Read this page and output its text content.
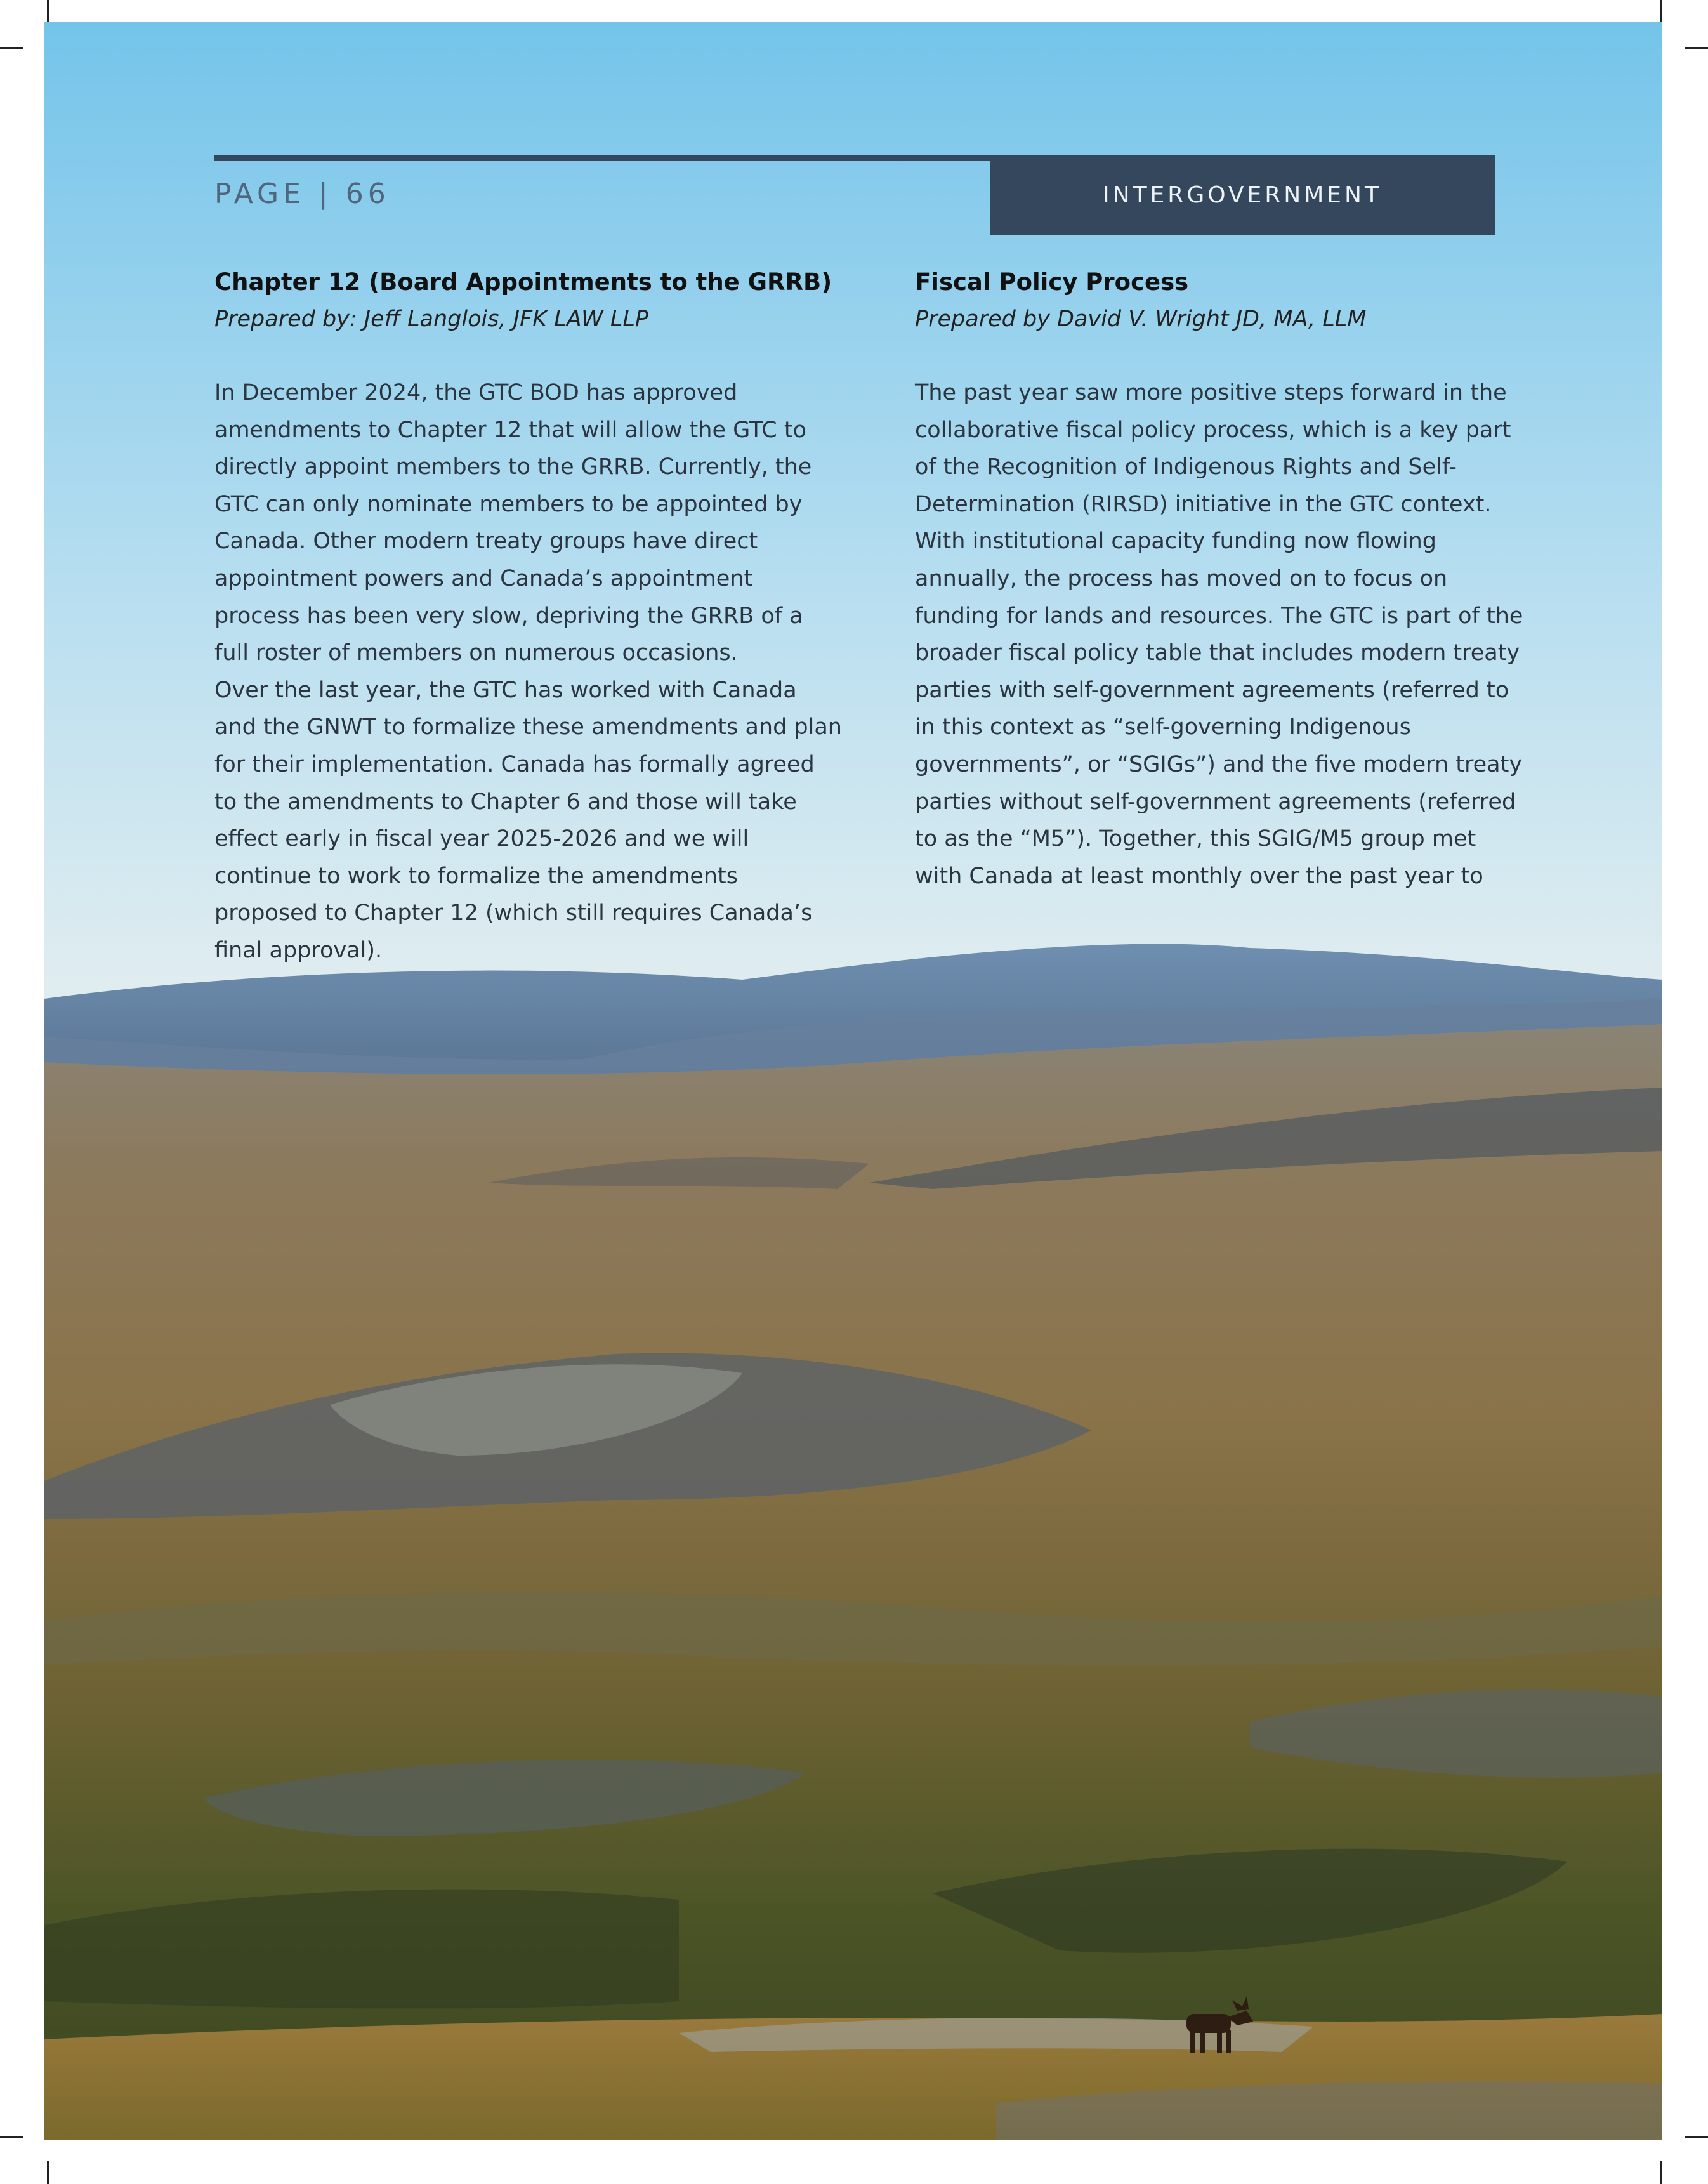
PAGE | 66	INTERGOVERNMENT
Chapter 12 (Board Appointments to the GRRB)

Prepared by: Jeff Langlois, JFK LAW LLP

In December 2024, the GTC BOD has approved amendments to Chapter 12 that will allow the GTC to directly appoint members to the GRRB. Currently, the GTC can only nominate members to be appointed by Canada. Other modern treaty groups have direct appointment powers and Canada’s appointment process has been very slow, depriving the GRRB of a full roster of members on numerous occasions.

Over the last year, the GTC has worked with Canada and the GNWT to formalize these amendments and plan for their implementation. Canada has formally agreed to the amendments to Chapter 6 and those will take effect early in fiscal year 2025-2026 and we will continue to work to formalize the amendments proposed to Chapter 12 (which still requires Canada’s final approval).

Fiscal Policy Process

Prepared by David V. Wright JD, MA, LLM

The past year saw more positive steps forward in the collaborative fiscal policy process, which is a key part of the Recognition of Indigenous Rights and Self-Determination (RIRSD) initiative in the GTC context. With institutional capacity funding now flowing annually, the process has moved on to focus on funding for lands and resources. The GTC is part of the broader fiscal policy table that includes modern treaty parties with self-government agreements (referred to in this context as “self-governing Indigenous governments”, or “SGIGs”) and the five modern treaty parties without self-government agreements (referred to as the “M5”). Together, this SGIG/M5 group met with Canada at least monthly over the past year to
